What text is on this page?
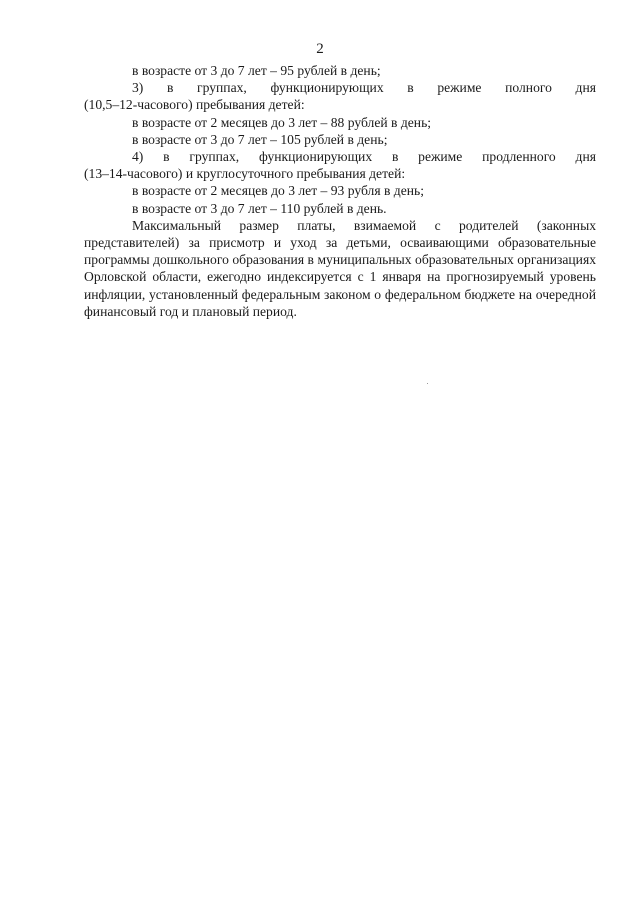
2
в возрасте от 3 до 7 лет – 95 рублей в день;
3) в группах, функционирующих в режиме полного дня
(10,5–12-часового) пребывания детей:
в возрасте от 2 месяцев до 3 лет – 88 рублей в день;
в возрасте от 3 до 7 лет – 105 рублей в день;
4) в группах, функционирующих в режиме продленного дня
(13–14-часового) и круглосуточного пребывания детей:
в возрасте от 2 месяцев до 3 лет – 93 рубля в день;
в возрасте от 3 до 7 лет – 110 рублей в день.

Максимальный размер платы, взимаемой с родителей (законных представителей) за присмотр и уход за детьми, осваивающими образовательные программы дошкольного образования в муниципальных образовательных организациях Орловской области, ежегодно индексируется с 1 января на прогнозируемый уровень инфляции, установленный федеральным законом о федеральном бюджете на очередной финансовый год и плановый период.
